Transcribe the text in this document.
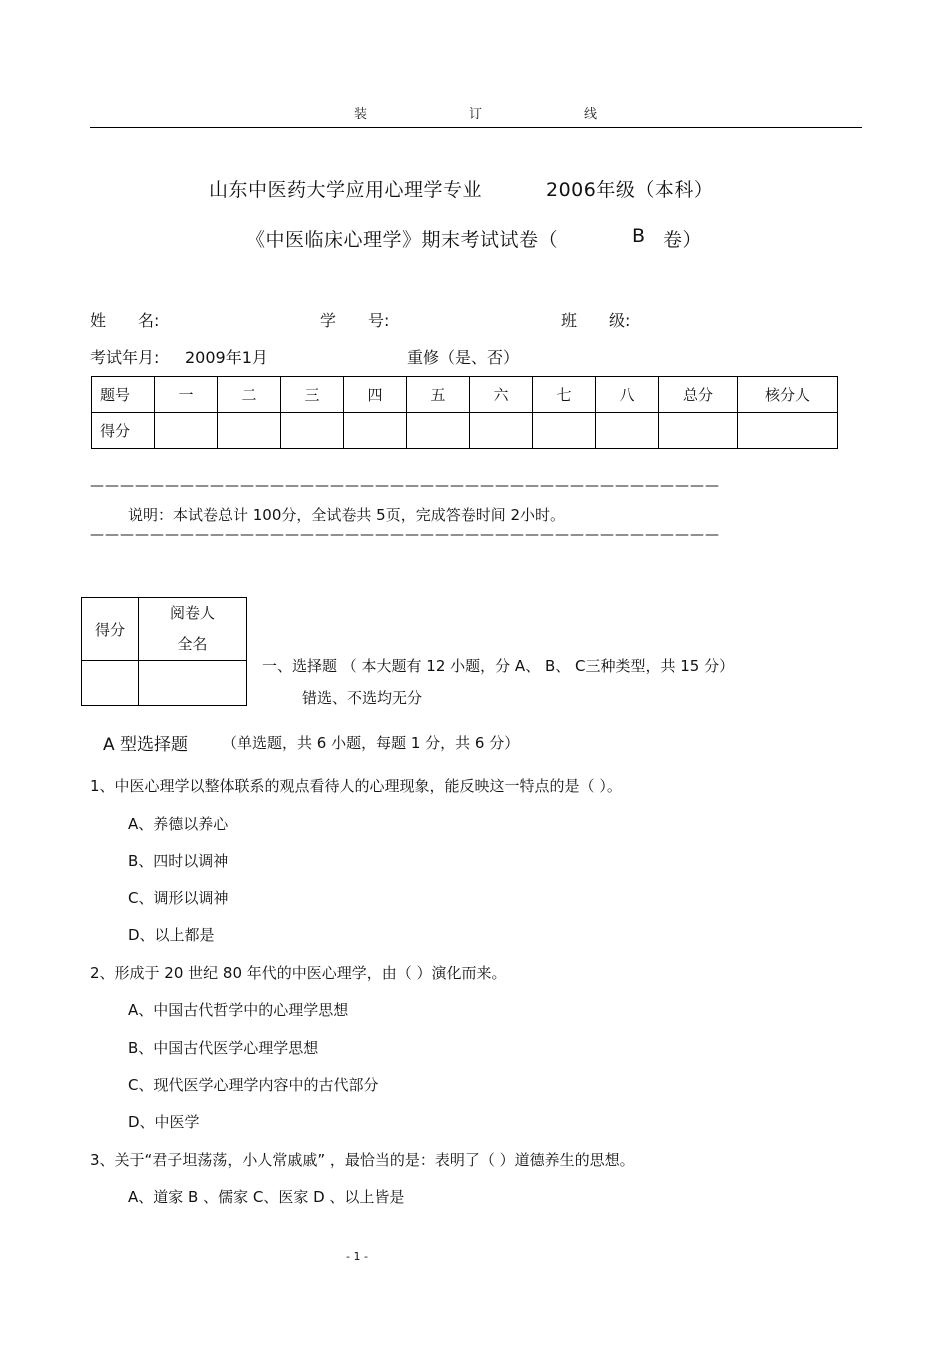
装	订	线
山东中医药大学应用心理学专业	2006年级（本科）
《中医临床心理学》期末考试试卷（	B 卷）
姓　　名:	学　　号:	班　　级:
考试年月: 2009年1月	重修（是、否）
题号	一	二	三	四	五	六	七	八	总分	核分人
得分										
——————————————————————————————————————————
说明：本试卷总计 100分，全试卷共 5页，完成答卷时间 2小时。
——————————————————————————————————————————
得分	阅卷人
全名

一、选择题 （ 本大题有 12 小题，分 A、 B、 C三种类型，共 15 分）
错选、不选均无分
A 型选择题 （单选题，共 6 小题，每题 1 分，共 6 分）
1、中医心理学以整体联系的观点看待人的心理现象，能反映这一特点的是（ ）。
A、养德以养心
B、四时以调神
C、调形以调神
D、以上都是
2、形成于 20 世纪 80 年代的中医心理学，由（ ）演化而来。
A、中国古代哲学中的心理学思想
B、中国古代医学心理学思想
C、现代医学心理学内容中的古代部分
D、中医学
3、关于“君子坦荡荡，小人常戚戚” ，最恰当的是：表明了（ ）道德养生的思想。
A、道家 B 、儒家 C、医家 D 、以上皆是
- 1 -
